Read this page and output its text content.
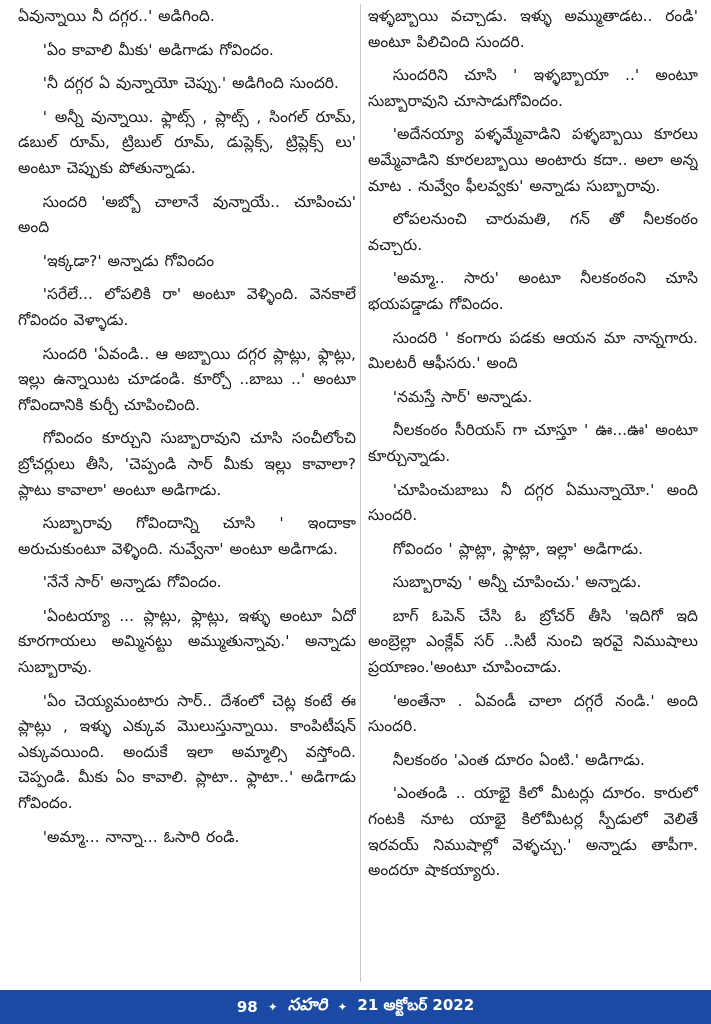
ఏవున్నాయి నీ దగ్గర..' అడిగింది.

'ఏం కావాలి మీకు' అడిగాడు గోవిందం.

'నీ దగ్గర ఏ వున్నాయో చెప్పు.' అడిగింది సుందరి.

' అన్నీ వున్నాయి. ఫ్లాట్స్ , ప్లాట్స్ , సింగల్ రూమ్, డబుల్ రూమ్, ట్రిబుల్ రూమ్, డుప్లెక్స్, ట్రిప్లెక్స్ లు' అంటూ చెప్పుకు పోతున్నాడు.

సుందరి 'అబ్బో చాలానే వున్నాయే.. చూపించు' అంది

'ఇక్కడా?' అన్నాడు గోవిందం

'సరేలే... లోపలికి రా' అంటూ వెళ్ళింది. వెనకాలే గోవిందం వెళ్ళాడు.

సుందరి 'ఏవండి.. ఆ అబ్బాయి దగ్గర ప్లాట్లు, ఫ్లాట్లు, ఇల్లు ఉన్నాయిట చూడండి. కూర్చో ..బాబు ..' అంటూ గోవిందానికి కుర్చీ చూపించింది.

గోవిందం కూర్చుని సుబ్బారావుని చూసి సంచీలోంచి బ్రోచర్లులు తీసి, 'చెప్పండి సార్ మీకు ఇల్లు కావాలా? ప్లాటు కావాలా' అంటూ అడిగాడు.

సుబ్బారావు గోవిందాన్ని చూసి ' ఇందాకా అరుచుకుంటూ వెళ్ళింది. నువ్వేనా' అంటూ అడిగాడు.

'నేనే సార్' అన్నాడు గోవిందం.

'ఏంటయ్యా ... ప్లాట్లు, ఫ్లాట్లు, ఇళ్ళు అంటూ ఏదో కూరగాయలు అమ్మినట్టు అమ్ముతున్నావు.' అన్నాడు సుబ్బారావు.

'ఏం చెయ్యమంటారు సార్.. దేశంలో చెట్ల కంటే ఈ ప్లాట్లు , ఇళ్ళు ఎక్కువ మొలుస్తున్నాయి. కాంపిటీషన్ ఎక్కువయింది. అందుకే ఇలా అమ్మాల్సి వస్తోంది. చెప్పండి. మీకు ఏం కావాలి. ప్లాటా.. ఫ్లాటా..' అడిగాడు గోవిందం.

'అమ్మా... నాన్నా... ఓసారి రండి.

ఇళ్ళబ్బాయి వచ్చాడు. ఇళ్ళు అమ్ముతాడట.. రండి' అంటూ పిలిచింది సుందరి.

సుందరిని చూసి ' ఇళ్ళబ్బాయా ..' అంటూ సుబ్బారావుని చూసాడుగోవిందం.

'అదేనయ్యా పళ్ళమ్మేవాడిని పళ్ళబ్బాయి కూరలు అమ్మేవాడిని కూరలబ్బాయి అంటారు కదా.. అలా అన్న మాట . నువ్వేం ఫీలవ్వకు' అన్నాడు సుబ్బారావు.

లోపలనుంచి చారుమతి, గన్ తో నీలకంఠం వచ్చారు.

'అమ్మా.. సారు' అంటూ నీలకంఠంని చూసి భయపడ్డాడు గోవిందం.

సుందరి ' కంగారు పడకు ఆయన మా నాన్నగారు. మిలటరీ ఆఫీసరు.' అంది

'నమస్తే సార్' అన్నాడు.

నీలకంఠం సీరియస్ గా చూస్తూ ' ఊ...ఊ' అంటూ కూర్చున్నాడు.

'చూపించుబాబు నీ దగ్గర ఏమున్నాయో.' అంది సుందరి.

గోవిందం ' ప్లాట్లా, ఫ్లాట్లా, ఇల్లా' అడిగాడు.

సుబ్బారావు ' అన్నీ చూపించు.' అన్నాడు.

బాగ్ ఓపెన్ చేసి ఓ బ్రోచర్ తీసి 'ఇదిగో ఇది అంబ్రెల్లా ఎంక్లేవ్ సర్ ..సిటీ నుంచి ఇరవై నిముషాలు ప్రయాణం.'అంటూ చూపించాడు.

'అంతేనా . ఏవండీ చాలా దగ్గరే నండి.' అంది సుందరి.

నీలకంఠం 'ఎంత దూరం ఏంటి.' అడిగాడు.

'ఎంతండి .. యాభై కిలో మీటర్లు దూరం. కారులో గంటకి నూట యాభై కిలోమీటర్ల స్పీడులో వెలితే ఇరవయ్ నిముషాల్లో వెళ్ళచ్చు.' అన్నాడు తాపీగా. అందరూ షాకయ్యారు.

98 ✦ సహరి ✦ 21 అక్టోబర్ 2022
